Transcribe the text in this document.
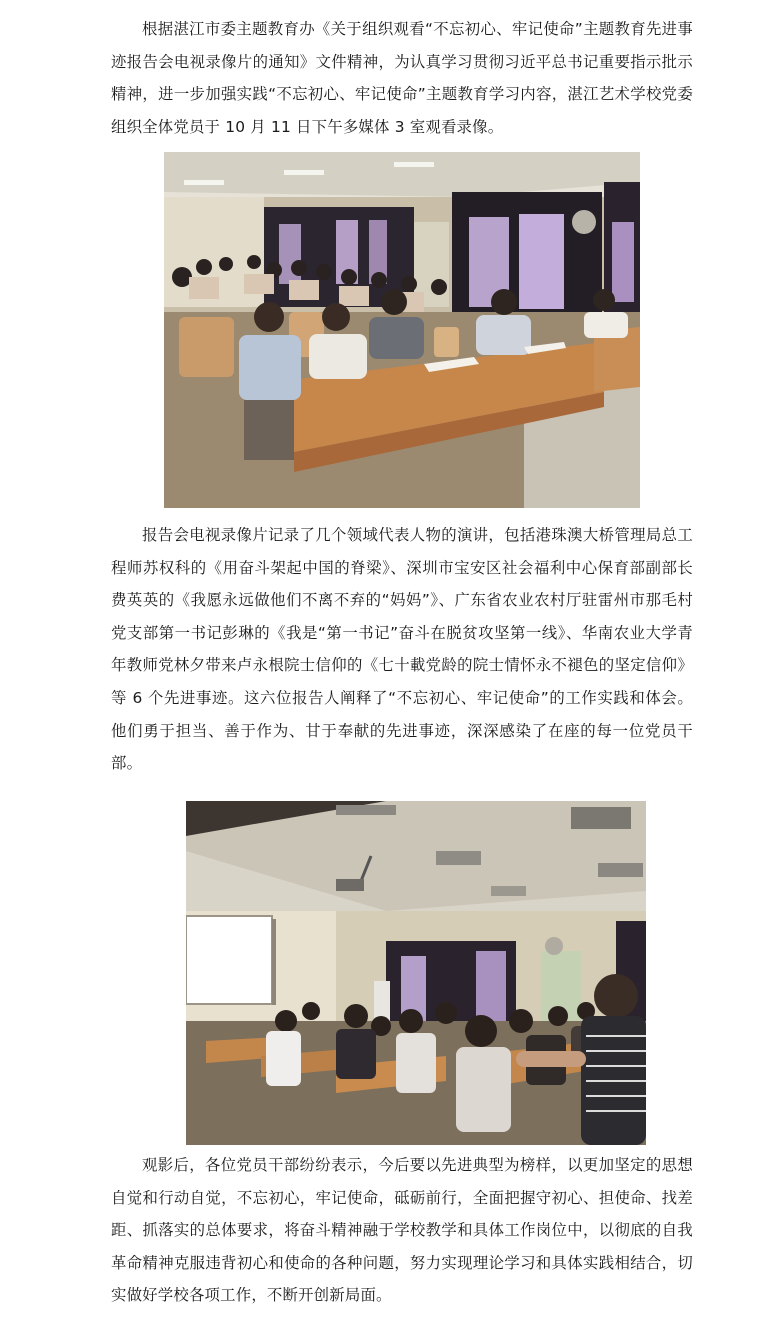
根据湛江市委主题教育办《关于组织观看“不忘初心、牢记使命”主题教育先进事迹报告会电视录像片的通知》文件精神，为认真学习贯彻习近平总书记重要指示批示精神，进一步加强实践“不忘初心、牢记使命”主题教育学习内容，湛江艺术学校党委组织全体党员于 10 月 11 日下午多媒体 3 室观看录像。

报告会电视录像片记录了几个领域代表人物的演讲，包括港珠澳大桥管理局总工程师苏权科的《用奋斗架起中国的脊梁》、深圳市宝安区社会福利中心保育部副部长费英英的《我愿永远做他们不离不弃的“妈妈”》、广东省农业农村厅驻雷州市那毛村党支部第一书记彭琳的《我是“第一书记”奋斗在脱贫攻坚第一线》、华南农业大学青年教师党林夕带来卢永根院士信仰的《七十載党龄的院士情怀永不褪色的坚定信仰》等 6 个先进事迹。这六位报告人阐释了“不忘初心、牢记使命”的工作实践和体会。他们勇于担当、善于作为、甘于奉献的先进事迹，深深感染了在座的每一位党员干部。

观影后，各位党员干部纷纷表示，今后要以先进典型为榜样，以更加坚定的思想自觉和行动自觉，不忘初心，牢记使命，砥砺前行，全面把握守初心、担使命、找差距、抓落实的总体要求，将奋斗精神融于学校教学和具体工作岗位中，以彻底的自我革命精神克服违背初心和使命的各种问题，努力实现理论学习和具体实践相结合，切实做好学校各项工作，不断开创新局面。
